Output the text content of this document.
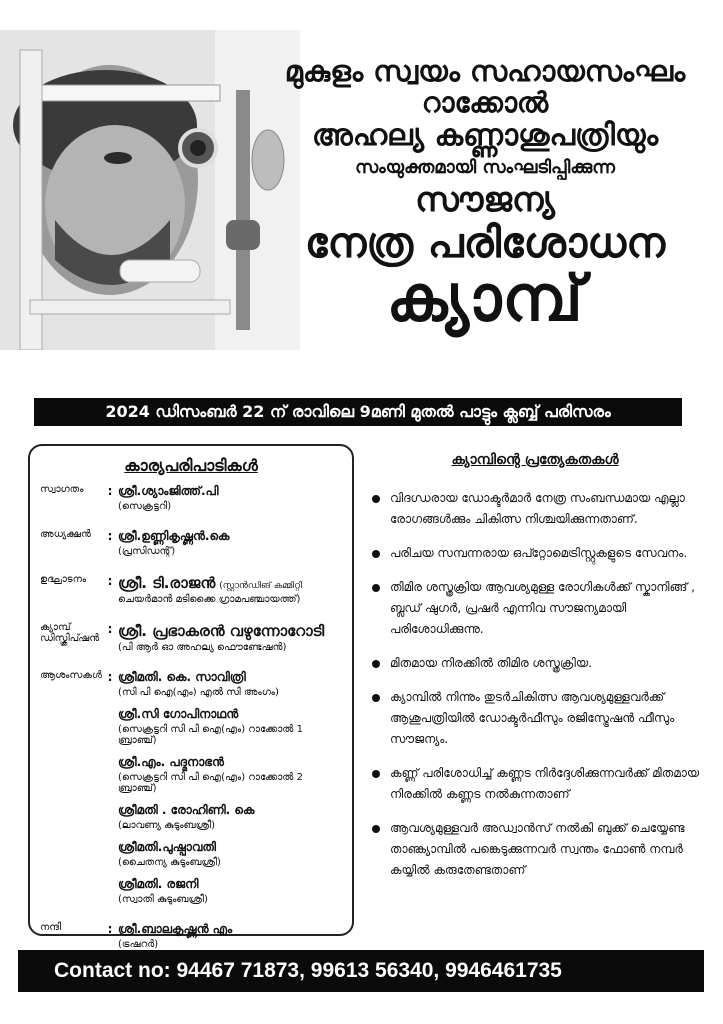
മുകുളം സ്വയം സഹായസംഘം
റാക്കോൽ
അഹല്യ കണ്ണാശുപത്രിയും
സംയുക്തമായി സംഘടിപ്പിക്കുന്ന
സൗജന്യ
നേത്ര പരിശോധന
ക്യാമ്പ്
2024 ഡിസംബർ 22 ന് രാവിലെ 9മണി മുതൽ പാട്ടും ക്ലബ്ബ് പരിസരം
കാര്യപരിപാടികൾ
സ്വാഗതം	: ശ്രീ.ശ്യാംജിത്ത്.പി
(സെക്രട്ടറി)
അധ്യക്ഷൻ	: ശ്രീ.ഉണ്ണികൃഷ്ണൻ.കെ
(പ്രസിഡന്റ്)
ഉദ്ഘാടനം	: ശ്രീ. ടി.രാജൻ (സ്റ്റാൻഡിങ് കമ്മിറ്റി
ചെയർമാൻ മടിക്കൈ ഗ്രാമപഞ്ചായത്ത്)
ക്യാമ്പ് ഡിസ്ക്രിപ്ഷൻ
: ശ്രീ. പ്രഭാകരൻ വഴുന്നോറോടി
(പി ആർ ഓ അഹല്യ ഫൌണ്ടേഷൻ)
ആശംസകൾ : ശ്രീമതി. കെ. സാവിത്രി
(സി പി ഐ(എം) എൽ സി അംഗം)
ശ്രീ.സി ഗോപിനാഥൻ
(സെക്രട്ടറി സി പി ഐ(എം) റാക്കോൽ 1 ബ്രാഞ്ച്)
ശ്രീ.എം. പദ്മനാഭൻ
(സെക്രട്ടറി സി പി ഐ(എം) റാക്കോൽ 2 ബ്രാഞ്ച്)
ശ്രീമതി . രോഹിണി. കെ
(ലാവണ്യ കുടുംബശ്രീ)
ശ്രീമതി.പുഷ്പാവതി
(ചൈതന്യ കുടുംബശ്രീ)
ശ്രീമതി. രജനി
(സ്വാതി കുടുംബശ്രീ)
നന്ദി	: ശ്രീ.ബാലകൃഷ്ണൻ എം
(ട്രഷറർ)
ക്യാമ്പിന്റെ പ്രത്യേകതകൾ
വിദഗ്ധരായ ഡോക്ടർമാർ നേത്ര സംബന്ധമായ എല്ലാ രോഗങ്ങൾക്കും ചികിത്സ നിശ്ചയിക്കുന്നതാണ്.
പരിചയ സമ്പന്നരായ ഒപ്റ്റോമെട്രിസ്റ്റുകളുടെ സേവനം.
തിമിര ശസ്ത്രക്രിയ ആവശ്യമുള്ള രോഗികൾക്ക് സ്കാനിങ്ങ് , ബ്ലഡ് ഷുഗർ, പ്രഷർ എന്നിവ സൗജന്യമായി പരിശോധിക്കുന്നു.
മിതമായ നിരക്കിൽ തിമിര ശസ്ത്രക്രിയ.
ക്യാമ്പിൽ നിന്നും തുടർചികിത്സ ആവശ്യമുള്ളവർക്ക് ആശുപത്രിയിൽ ഡോക്ടർഫീസും രജിസ്ട്രേഷൻ ഫീസും സൗജന്യം.
കണ്ണ് പരിശോധിച്ച് കണ്ണട നിർദ്ദേശിക്കുന്നവർക്ക് മിതമായ നിരക്കിൽ കണ്ണട നൽകുന്നതാണ്
ആവശ്യമുള്ളവർ അഡ്വാൻസ് നൽകി ബുക്ക് ചെയ്യേണ്ട താണ്ക്യാമ്പിൽ പങ്കെടുക്കുന്നവർ സ്വന്തം ഫോൺ നമ്പർ കയ്യിൽ കരുതേണ്ടതാണ്
Contact no: 94467 71873, 99613 56340, 9946461735
